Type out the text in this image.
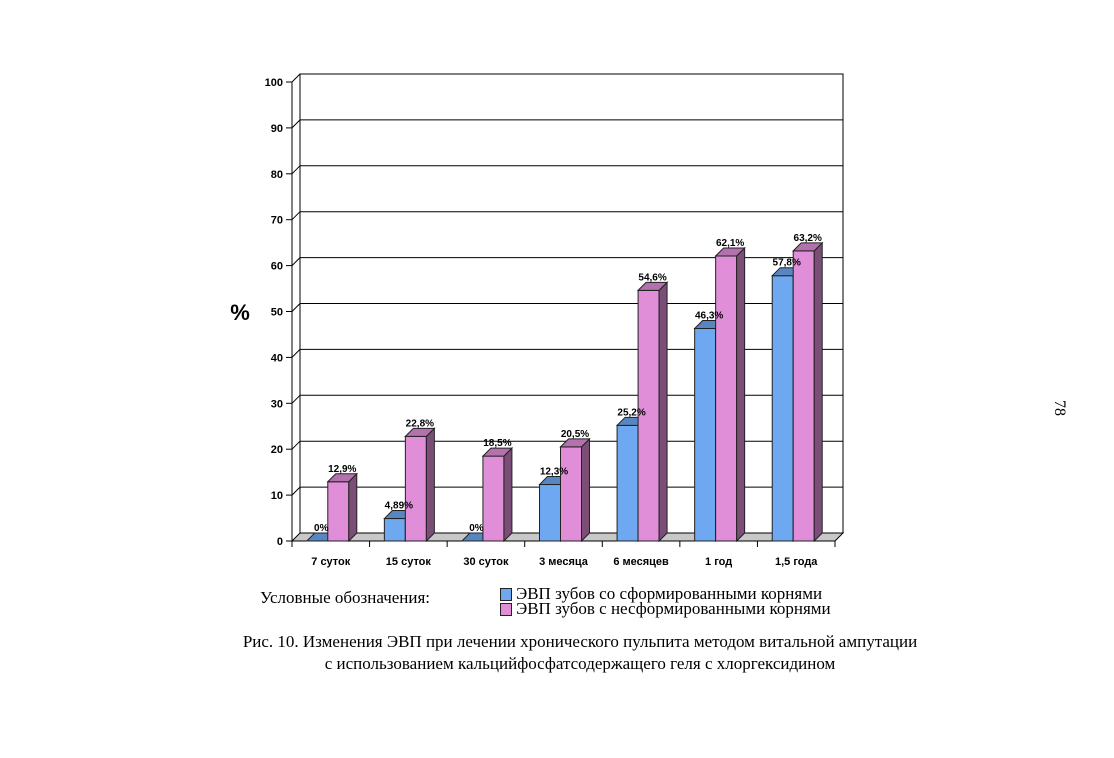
0
10
20
30
40
50
60
70
80
90
100
%
7 суток	15 суток	30 суток	3 месяца 6 месяцев	1 год	1,5 года
0%
12,9%
4,89%
22,8%
0%
18,5%
12,3%
20,5%
25,2%
54,6%
46,3%
62,1%
57,8%
63,2%
Условные обозначения:	ЭВП зубов со сформированными корнями
ЭВП зубов с несформированными корнями
Рис. 10. Изменения ЭВП при лечении хронического пульпита методом витальной ампутации
с использованием кальцийфосфатсодержащего геля с хлоргексидином
78
